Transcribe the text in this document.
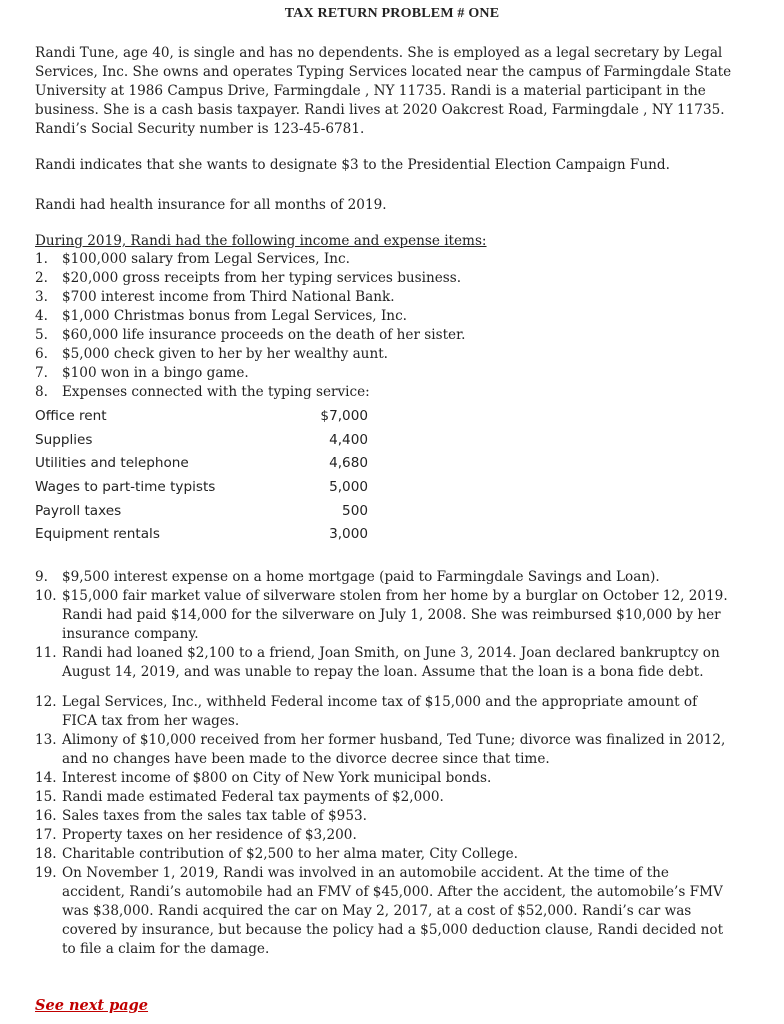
TAX RETURN PROBLEM # ONE
Randi Tune, age 40, is single and has no dependents. She is employed as a legal secretary by Legal Services, Inc. She owns and operates Typing Services located near the campus of Farmingdale State University at 1986 Campus Drive, Farmingdale , NY 11735. Randi is a material participant in the business. She is a cash basis taxpayer. Randi lives at 2020 Oakcrest Road, Farmingdale , NY 11735. Randi’s Social Security number is 123-45-6781.
Randi indicates that she wants to designate $3 to the Presidential Election Campaign Fund.
Randi had health insurance for all months of 2019.
During 2019, Randi had the following income and expense items:
1. $100,000 salary from Legal Services, Inc.
2. $20,000 gross receipts from her typing services business.
3. $700 interest income from Third National Bank.
4. $1,000 Christmas bonus from Legal Services, Inc.
5. $60,000 life insurance proceeds on the death of her sister.
6. $5,000 check given to her by her wealthy aunt.
7. $100 won in a bingo game.
8. Expenses connected with the typing service:
Office rent	$7,000
Supplies	4,400
Utilities and telephone	4,680
Wages to part-time typists	5,000
Payroll taxes	500
Equipment rentals	3,000
9. $9,500 interest expense on a home mortgage (paid to Farmingdale Savings and Loan).
10. $15,000 fair market value of silverware stolen from her home by a burglar on October 12, 2019. Randi had paid $14,000 for the silverware on July 1, 2008. She was reimbursed $10,000 by her insurance company.
11. Randi had loaned $2,100 to a friend, Joan Smith, on June 3, 2014. Joan declared bankruptcy on August 14, 2019, and was unable to repay the loan. Assume that the loan is a bona fide debt.
12. Legal Services, Inc., withheld Federal income tax of $15,000 and the appropriate amount of FICA tax from her wages.
13. Alimony of $10,000 received from her former husband, Ted Tune; divorce was finalized in 2012, and no changes have been made to the divorce decree since that time.
14. Interest income of $800 on City of New York municipal bonds.
15. Randi made estimated Federal tax payments of $2,000.
16. Sales taxes from the sales tax table of $953.
17. Property taxes on her residence of $3,200.
18. Charitable contribution of $2,500 to her alma mater, City College.
19. On November 1, 2019, Randi was involved in an automobile accident. At the time of the accident, Randi’s automobile had an FMV of $45,000. After the accident, the automobile’s FMV was $38,000. Randi acquired the car on May 2, 2017, at a cost of $52,000. Randi’s car was covered by insurance, but because the policy had a $5,000 deduction clause, Randi decided not to file a claim for the damage.
See next page
